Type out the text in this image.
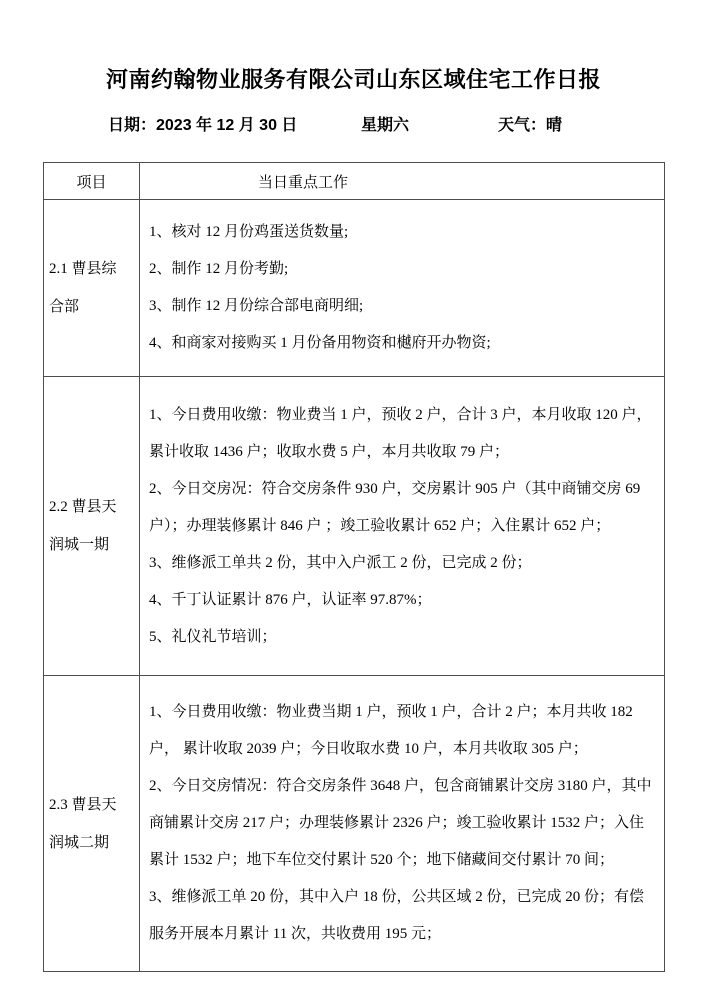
河南约翰物业服务有限公司山东区域住宅工作日报
日期：2023 年 12 月 30 日	星期六	天气：晴
项目	当日重点工作
2.1 曹县综合部	1、核对 12 月份鸡蛋送货数量;

2、制作 12 月份考勤;

3、制作 12 月份综合部电商明细;

4、和商家对接购买 1 月份备用物资和樾府开办物资;

2.2 曹县天润城一期	1、今日费用收缴：物业费当 1 户，预收 2 户，合计 3 户，本月收取 120 户，累计收取 1436 户；收取水费 5 户，本月共收取 79 户；

2、今日交房况：符合交房条件 930 户，交房累计 905 户（其中商铺交房 69 户）；办理装修累计 846 户 ；竣工验收累计 652 户；入住累计 652 户；

3、维修派工单共 2 份，其中入户派工 2 份，已完成 2 份；

4、千丁认证累计 876 户，认证率 97.87%；

5、礼仪礼节培训；

2.3 曹县天润城二期	1、今日费用收缴：物业费当期 1 户，预收 1 户，合计 2 户；本月共收 182 户， 累计收取 2039 户；今日收取水费 10 户，本月共收取 305 户；

2、今日交房情况：符合交房条件 3648 户，包含商铺累计交房 3180 户，其中商铺累计交房 217 户；办理装修累计 2326 户；竣工验收累计 1532 户；入住累计 1532 户；地下车位交付累计 520 个；地下储藏间交付累计 70 间；

3、维修派工单 20 份，其中入户 18 份，公共区域 2 份，已完成 20 份；有偿服务开展本月累计 11 次，共收费用 195 元；
